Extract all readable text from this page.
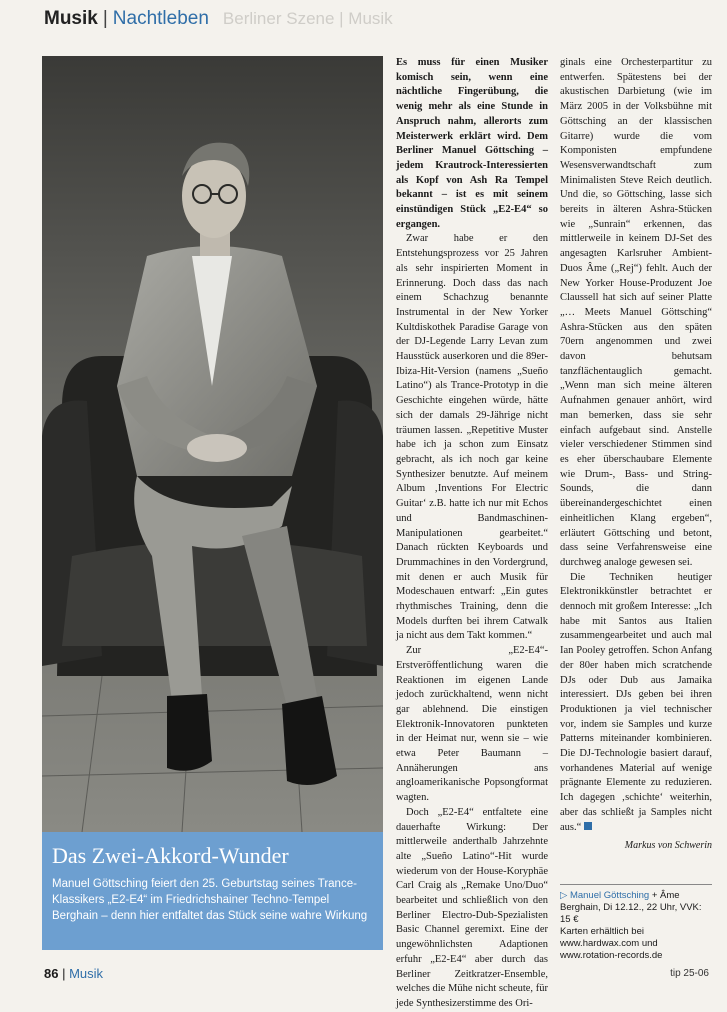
Musik | Nachtleben Berliner Szene | Musik
Das Zwei-Akkord-Wunder
Manuel Göttsching feiert den 25. Geburtstag seines Trance-Klassikers „E2-E4“ im Friedrichshainer Techno-Tempel Berghain – denn hier entfaltet das Stück seine wahre Wirkung

Es muss für einen Musiker komisch sein, wenn eine nächtliche Fingerübung, die wenig mehr als eine Stunde in Anspruch nahm, allerorts zum Meisterwerk erklärt wird. Dem Berliner Manuel Göttsching – jedem Krautrock-Interessierten als Kopf von Ash Ra Tempel bekannt – ist es mit seinem einstündigen Stück „E2-E4“ so ergangen.

Zwar habe er den Entstehungsprozess vor 25 Jahren als sehr inspirierten Moment in Erinnerung. Doch dass das nach einem Schachzug benannte Instrumental in der New Yorker Kultdiskothek Paradise Garage von der DJ-Legende Larry Levan zum Hausstück auserkoren und die 89er-Ibiza-Hit-Version (namens „Sueño Latino“) als Trance-Prototyp in die Geschichte eingehen würde, hätte sich der damals 29-Jährige nicht träumen lassen. „Repetitive Muster habe ich ja schon zum Einsatz gebracht, als ich noch gar keine Synthesizer benutzte. Auf meinem Album ‚Inventions For Electric Guitar‘ z.B. hatte ich nur mit Echos und Bandmaschinen-Manipulationen gearbeitet.“ Danach rückten Keyboards und Drummachines in den Vordergrund, mit denen er auch Musik für Modeschauen entwarf: „Ein gutes rhythmisches Training, denn die Models durften bei ihrem Catwalk ja nicht aus dem Takt kommen.“

Zur „E2-E4“-Erstveröffentlichung waren die Reaktionen im eigenen Lande jedoch zurückhaltend, wenn nicht gar ablehnend. Die einstigen Elektronik-Innovatoren punkteten in der Heimat nur, wenn sie – wie etwa Peter Baumann – Annäherungen ans angloamerikanische Popsongformat wagten.

Doch „E2-E4“ entfaltete eine dauerhafte Wirkung: Der mittlerweile anderthalb Jahrzehnte alte „Sueño Latino“-Hit wurde wiederum von der House-Koryphäe Carl Craig als „Remake Uno/Duo“ bearbeitet und schließlich von den Berliner Electro-Dub-Spezialisten Basic Channel geremixt. Eine der ungewöhnlichsten Adaptionen erfuhr „E2-E4“ aber durch das Berliner Zeitkratzer-Ensemble, welches die Mühe nicht scheute, für jede Synthesizerstimme des Ori-

ginals eine Orchesterpartitur zu entwerfen. Spätestens bei der akustischen Darbietung (wie im März 2005 in der Volksbühne mit Göttsching an der klassischen Gitarre) wurde die vom Komponisten empfundene Wesensverwandtschaft zum Minimalisten Steve Reich deutlich. Und die, so Göttsching, lasse sich bereits in älteren Ashra-Stücken wie „Sunrain“ erkennen, das mittlerweile in keinem DJ-Set des angesagten Karlsruher Ambient-Duos Âme („Rej“) fehlt. Auch der New Yorker House-Produzent Joe Claussell hat sich auf seiner Platte „… Meets Manuel Göttsching“ Ashra-Stücken aus den späten 70ern angenommen und zwei davon behutsam tanzflächentauglich gemacht. „Wenn man sich meine älteren Aufnahmen genauer anhört, wird man bemerken, dass sie sehr einfach aufgebaut sind. Anstelle vieler verschiedener Stimmen sind es eher überschaubare Elemente wie Drum-, Bass- und String-Sounds, die dann übereinandergeschichtet einen einheitlichen Klang ergeben“, erläutert Göttsching und betont, dass seine Verfahrensweise eine durchweg analoge gewesen sei.

Die Techniken heutiger Elektronikkünstler betrachtet er dennoch mit großem Interesse: „Ich habe mit Santos aus Italien zusammengearbeitet und auch mal Ian Pooley getroffen. Schon Anfang der 80er haben mich scratchende DJs oder Dub aus Jamaika interessiert. DJs geben bei ihren Produktionen ja viel technischer vor, indem sie Samples und kurze Patterns miteinander kombinieren. Die DJ-Technologie basiert darauf, vorhandenes Material auf wenige prägnante Elemente zu reduzieren. Ich dagegen ‚schichte‘ weiterhin, aber das schließt ja Samples nicht aus.“

Markus von Schwerin
▷ Manuel Göttsching + Âme Berghain, Di 12.12., 22 Uhr, VVK: 15 €
Karten erhältlich bei www.hardwax.com und www.rotation-records.de
86 | Musik	tip 25-06
